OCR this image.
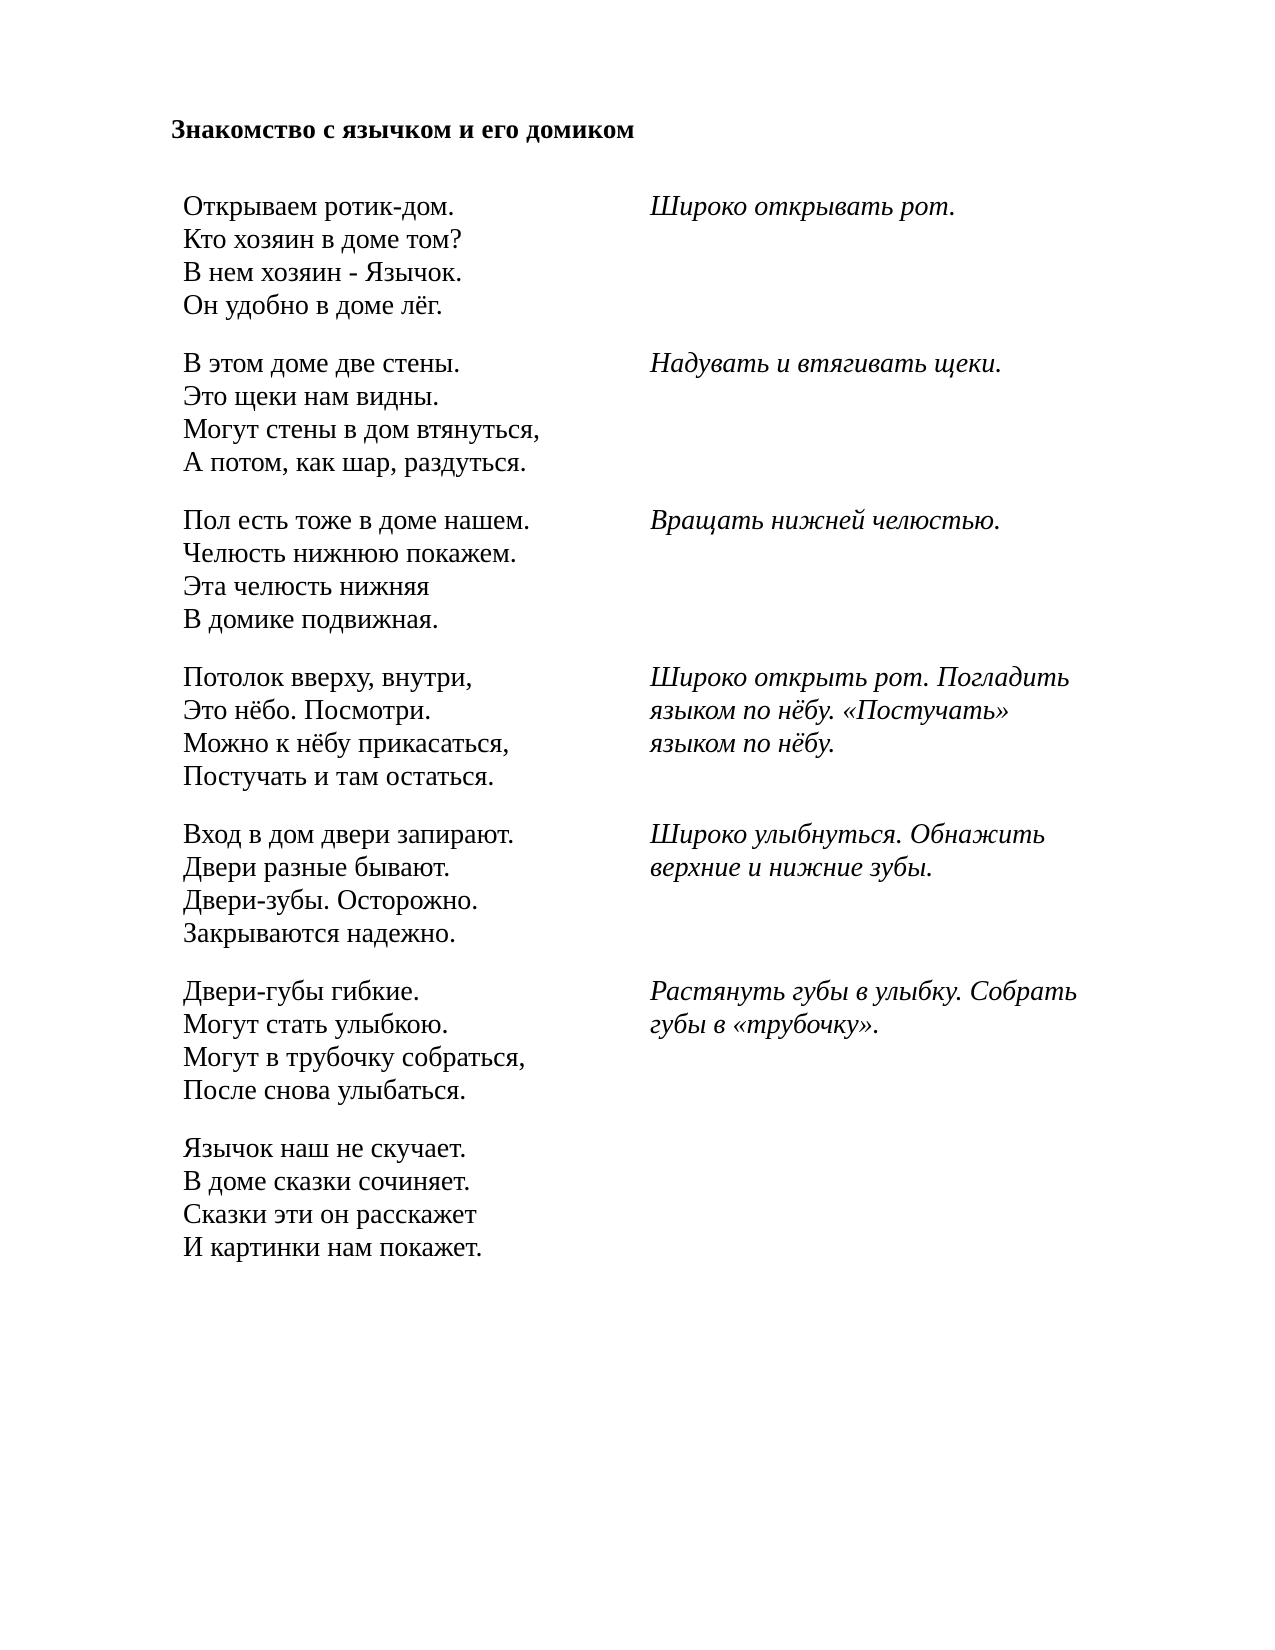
Знакомство с язычком и его домиком
Открываем ротик-дом.
Кто хозяин в доме том?
В нем хозяин - Язычок.
Он удобно в доме лёг.
Широко открывать рот.
В этом доме две стены.
Это щеки нам видны.
Могут стены в дом втянуться,
А потом, как шар, раздуться.
Надувать и втягивать щеки.
Пол есть тоже в доме нашем.
Челюсть нижнюю покажем.
Эта челюсть нижняя
В домике подвижная.
Вращать нижней челюстью.
Потолок вверху, внутри,
Это нёбо. Посмотри.
Можно к нёбу прикасаться,
Постучать и там остаться.
Широко открыть рот. Погладить
языком по нёбу. «Постучать»
языком по нёбу.
Вход в дом двери запирают.
Двери разные бывают.
Двери-зубы. Осторожно.
Закрываются надежно.
Широко улыбнуться. Обнажить
верхние и нижние зубы.
Двери-губы гибкие.
Могут стать улыбкою.
Могут в трубочку собраться,
После снова улыбаться.
Растянуть губы в улыбку. Собрать
губы в «трубочку».
Язычок наш не скучает.
В доме сказки сочиняет.
Сказки эти он расскажет
И картинки нам покажет.
